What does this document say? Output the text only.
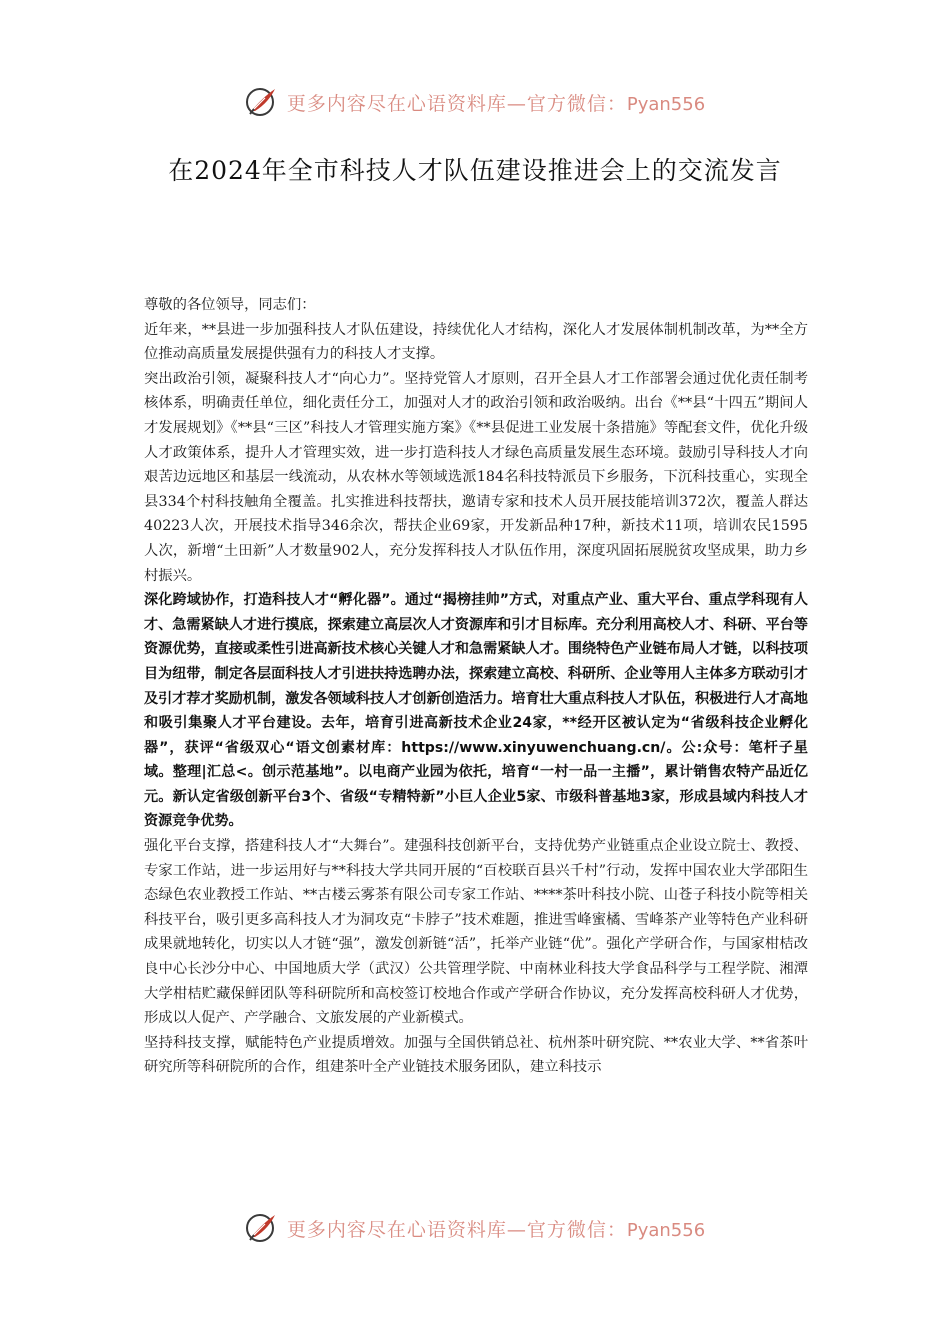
更多内容尽在心语资料库—官方微信：Pyan556
在2024年全市科技人才队伍建设推进会上的交流发言

尊敬的各位领导，同志们：

近年来，**县进一步加强科技人才队伍建设，持续优化人才结构，深化人才发展体制机制改革，为**全方位推动高质量发展提供强有力的科技人才支撑。

突出政治引领，凝聚科技人才“向心力”。坚持党管人才原则，召开全县人才工作部署会通过优化责任制考核体系，明确责任单位，细化责任分工，加强对人才的政治引领和政治吸纳。出台《**县“十四五”期间人才发展规划》《**县“三区”科技人才管理实施方案》《**县促进工业发展十条措施》等配套文件，优化升级人才政策体系，提升人才管理实效，进一步打造科技人才绿色高质量发展生态环境。鼓励引导科技人才向艰苦边远地区和基层一线流动，从农林水等领域选派184名科技特派员下乡服务，下沉科技重心，实现全县334个村科技触角全覆盖。扎实推进科技帮扶，邀请专家和技术人员开展技能培训372次，覆盖人群达40223人次，开展技术指导346余次，帮扶企业69家，开发新品种17种，新技术11项，培训农民1595人次，新增“土田新”人才数量902人，充分发挥科技人才队伍作用，深度巩固拓展脱贫攻坚成果，助力乡村振兴。

深化跨域协作，打造科技人才“孵化器”。通过“揭榜挂帅”方式，对重点产业、重大平台、重点学科现有人才、急需紧缺人才进行摸底，探索建立高层次人才资源库和引才目标库。充分利用高校人才、科研、平台等资源优势，直接或柔性引进高新技术核心关键人才和急需紧缺人才。围绕特色产业链布局人才链，以科技项目为纽带，制定各层面科技人才引进扶持选聘办法，探索建立高校、科研所、企业等用人主体多方联动引才及引才荐才奖励机制，激发各领域科技人才创新创造活力。培育壮大重点科技人才队伍，积极进行人才高地和吸引集聚人才平台建设。去年，培育引进高新技术企业24家，**经开区被认定为“省级科技企业孵化器”，获评“省级双心“语文创素材库：https://www.xinyuwenchuang.cn/。公:众号：笔杆子星域。整理|汇总<。创示范基地”。以电商产业园为依托，培育“一村一品一主播”，累计销售农特产品近亿元。新认定省级创新平台3个、省级“专精特新”小巨人企业5家、市级科普基地3家，形成县域内科技人才资源竞争优势。

强化平台支撑，搭建科技人才“大舞台”。建强科技创新平台，支持优势产业链重点企业设立院士、教授、专家工作站，进一步运用好与**科技大学共同开展的“百校联百县兴千村”行动，发挥中国农业大学邵阳生态绿色农业教授工作站、**古楼云雾茶有限公司专家工作站、****茶叶科技小院、山苍子科技小院等相关科技平台，吸引更多高科技人才为洞攻克“卡脖子”技术难题，推进雪峰蜜橘、雪峰茶产业等特色产业科研成果就地转化，切实以人才链“强”，激发创新链“活”，托举产业链“优”。强化产学研合作，与国家柑桔改良中心长沙分中心、中国地质大学（武汉）公共管理学院、中南林业科技大学食品科学与工程学院、湘潭大学柑桔贮藏保鲜团队等科研院所和高校签订校地合作或产学研合作协议，充分发挥高校科研人才优势，形成以人促产、产学融合、文旅发展的产业新模式。

坚持科技支撑，赋能特色产业提质增效。加强与全国供销总社、杭州茶叶研究院、**农业大学、**省茶叶研究所等科研院所的合作，组建茶叶全产业链技术服务团队，建立科技示

更多内容尽在心语资料库—官方微信：Pyan556
